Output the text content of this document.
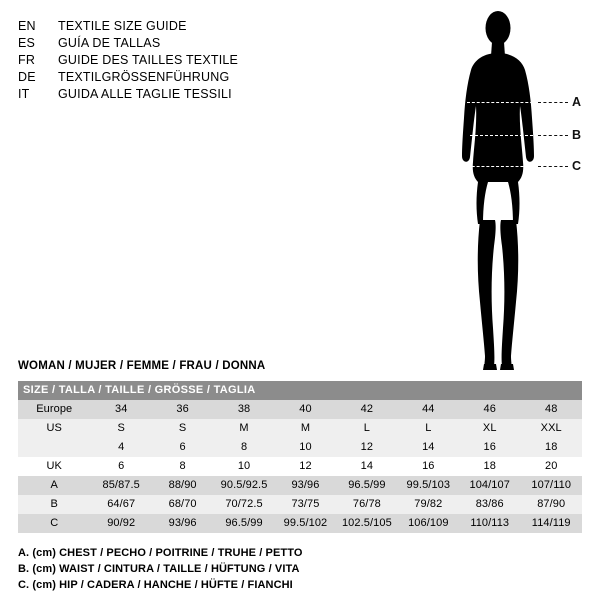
EN	TEXTILE SIZE GUIDE
ES	GUÍA DE TALLAS
FR	GUIDE DES TAILLES TEXTILE
DE	TEXTILGRÖSSENFÜHRUNG
IT	GUIDA ALLE TAGLIE TESSILI
A
B
C
WOMAN / MUJER / FEMME / FRAU / DONNA
SIZE / TALLA / TAILLE / GRÖSSE / TAGLIA								
Europe	34	36	38	40	42	44	46	48
US	S	S	M	M	L	L	XL	XXL
	4	6	8	10	12	14	16	18
UK	6	8	10	12	14	16	18	20
A	85/87.5	88/90	90.5/92.5	93/96	96.5/99	99.5/103	104/107	107/110
B	64/67	68/70	70/72.5	73/75	76/78	79/82	83/86	87/90
C	90/92	93/96	96.5/99	99.5/102	102.5/105	106/109	110/113	114/119
A. (cm) CHEST / PECHO / POITRINE / TRUHE / PETTO
B. (cm) WAIST / CINTURA / TAILLE / HÜFTUNG / VITA
C. (cm) HIP / CADERA / HANCHE / HÜFTE / FIANCHI
